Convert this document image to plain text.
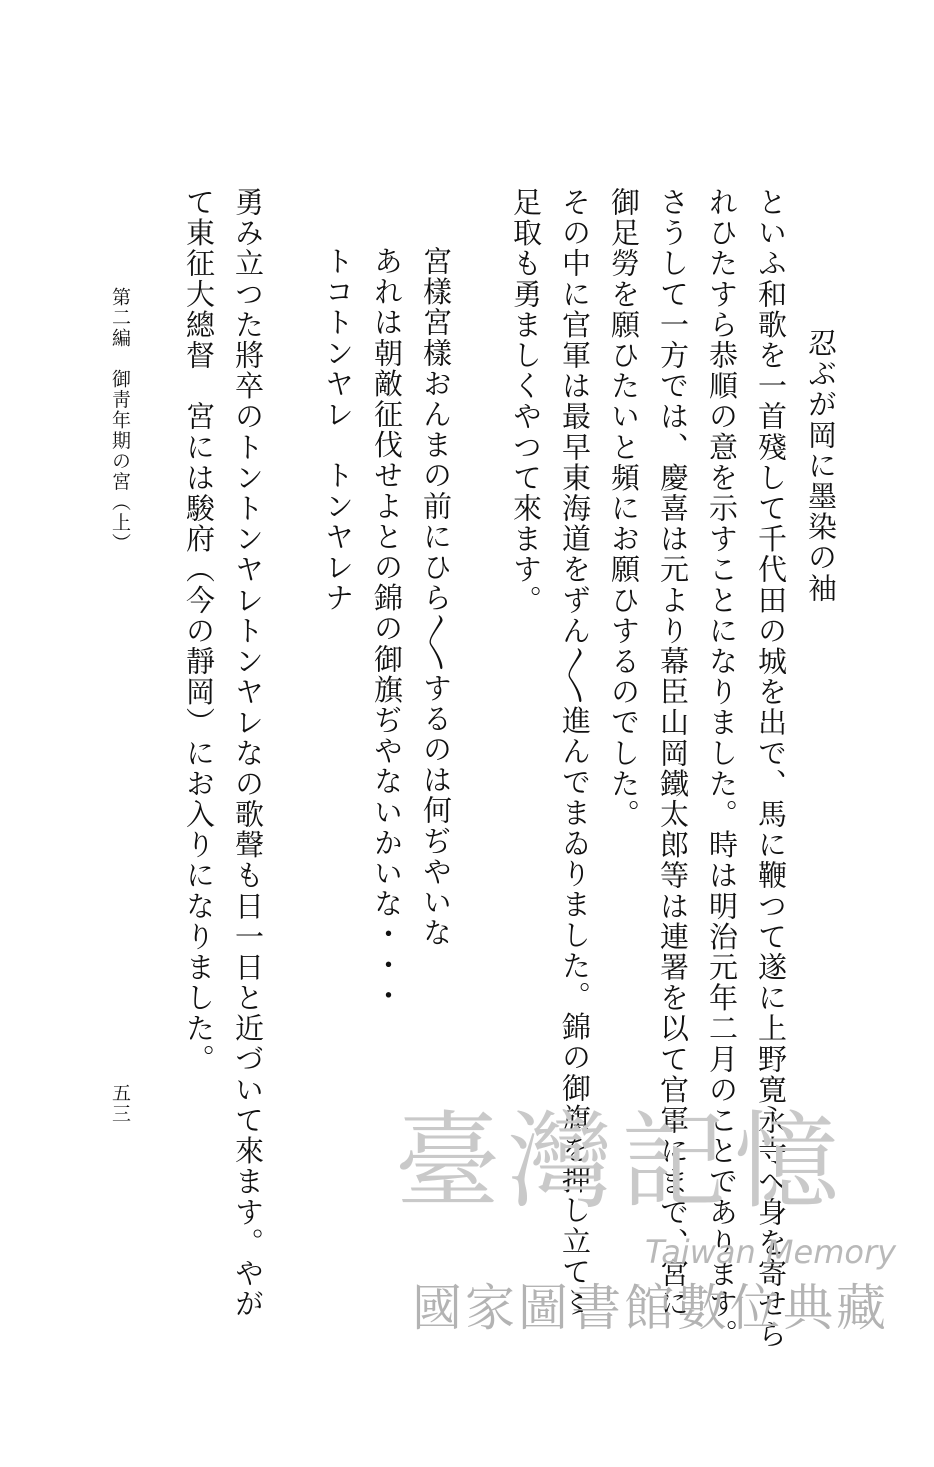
忍ぶが岡に墨染の袖
といふ和歌を一首殘して千代田の城を出で、馬に鞭つて遂に上野寛永寺へ身を寄せら
れひたすら恭順の意を示すことになりました。時は明治元年二月のことであります。
さうして一方では、慶喜は元より幕臣山岡鐵太郎等は連署を以て官軍にまで、宮に
御足勞を願ひたいと頻にお願ひするのでした。
その中に官軍は最早東海道をずん〳〵進んでまゐりました。錦の御旗を押し立て〻
足取も勇ましくやつて來ます。
宮樣宮樣おんまの前にひら〳〵するのは何ぢやいな
あれは朝敵征伐せよとの錦の御旗ぢやないかいな・・・
トコトンヤレ　トンヤレナ
勇み立つた將卒のトントンヤレトンヤレなの歌聲も日一日と近づいて來ます。やが
て東征大總督　宮には駿府（今の靜岡）にお入りになりました。
第二編　御靑年期の宮（上）
五三	臺灣記憶
Taiwan Memory
國家圖書館數位典藏
